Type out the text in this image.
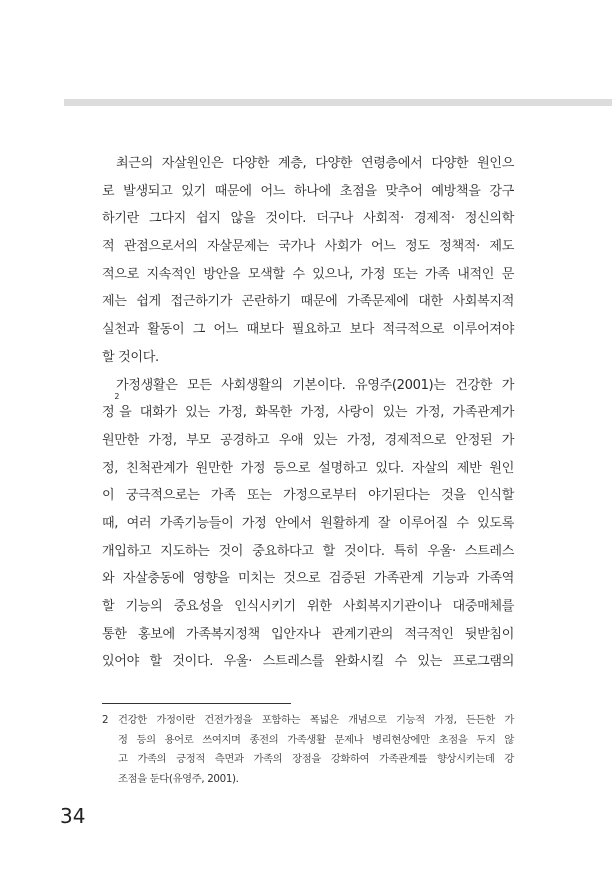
최근의 자살원인은 다양한 계층, 다양한 연령층에서 다양한 원인으
로 발생되고 있기 때문에 어느 하나에 초점을 맞추어 예방책을 강구
하기란 그다지 쉽지 않을 것이다. 더구나 사회적· 경제적· 정신의학
적 관점으로서의 자살문제는 국가나 사회가 어느 정도 정책적· 제도
적으로 지속적인 방안을 모색할 수 있으나, 가정 또는 가족 내적인 문
제는 쉽게 접근하기가 곤란하기 때문에 가족문제에 대한 사회복지적
실천과 활동이 그 어느 때보다 필요하고 보다 적극적으로 이루어져야
할 것이다.
가정생활은 모든 사회생활의 기본이다. 유영주(2001)는 건강한 가
정$^2$을 대화가 있는 가정, 화목한 가정, 사랑이 있는 가정, 가족관계가
원만한 가정, 부모 공경하고 우애 있는 가정, 경제적으로 안정된 가
정, 친척관계가 원만한 가정 등으로 설명하고 있다. 자살의 제반 원인
이 궁극적으로는 가족 또는 가정으로부터 야기된다는 것을 인식할
때, 여러 가족기능들이 가정 안에서 원활하게 잘 이루어질 수 있도록
개입하고 지도하는 것이 중요하다고 할 것이다. 특히 우울· 스트레스
와 자살충동에 영향을 미치는 것으로 검증된 가족관계 기능과 가족역
할 기능의 중요성을 인식시키기 위한 사회복지기관이나 대중매체를
통한 홍보에 가족복지정책 입안자나 관계기관의 적극적인 뒷받침이
있어야 할 것이다. 우울· 스트레스를 완화시킬 수 있는 프로그램의
2 건강한 가정이란 건전가정을 포함하는 폭넓은 개념으로 기능적 가정, 든든한 가
정 등의 용어로 쓰여지며 종전의 가족생활 문제나 병리현상에만 초점을 두지 않
고 가족의 긍정적 측면과 가족의 장점을 강화하여 가족관계를 향상시키는데 강
조점을 둔다(유영주, 2001).
34
